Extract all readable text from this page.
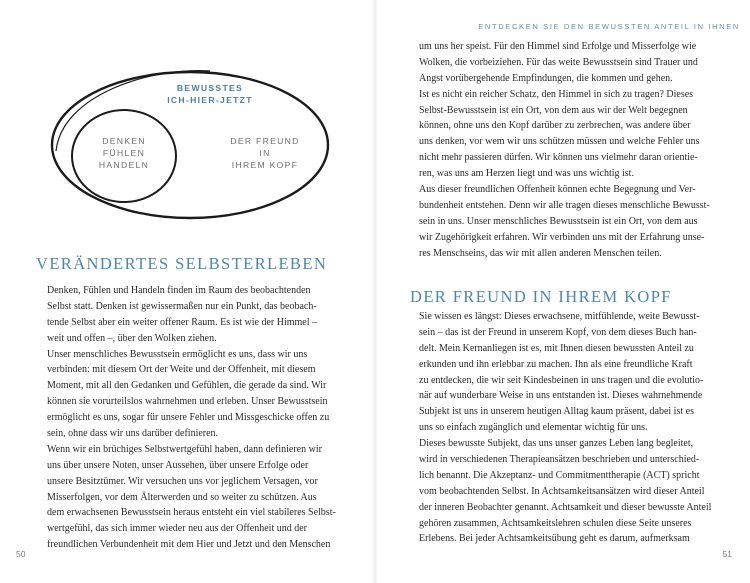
BEWUSSTES
ICH-HIER-JETZT
DENKEN
FÜHLEN
HANDELN
DER FREUND
IN
IHREM KOPF
VERÄNDERTES SELBSTERLEBEN
Denken, Fühlen und Handeln finden im Raum des beobachtenden
Selbst statt. Denken ist gewissermaßen nur ein Punkt, das beobach-
tende Selbst aber ein weiter offener Raum. Es ist wie der Himmel –
weit und offen –, über den Wolken ziehen.
Unser menschliches Bewusstsein ermöglicht es uns, dass wir uns
verbinden: mit diesem Ort der Weite und der Offenheit, mit diesem
Moment, mit all den Gedanken und Gefühlen, die gerade da sind. Wir
können sie vorurteilslos wahrnehmen und erleben. Unser Bewusstsein
ermöglicht es uns, sogar für unsere Fehler und Missgeschicke offen zu
sein, ohne dass wir uns darüber definieren.
Wenn wir ein brüchiges Selbstwertgefühl haben, dann definieren wir
uns über unsere Noten, unser Aussehen, über unsere Erfolge oder
unsere Besitztümer. Wir versuchen uns vor jeglichem Versagen, vor
Misserfolgen, vor dem Älterwerden und so weiter zu schützen. Aus
dem erwachsenen Bewusstsein heraus entsteht ein viel stabileres Selbst-
wertgefühl, das sich immer wieder neu aus der Offenheit und der
freundlichen Verbundenheit mit dem Hier und Jetzt und den Menschen
50
ENTDECKEN SIE DEN BEWUSSTEN ANTEIL IN IHNEN
um uns her speist. Für den Himmel sind Erfolge und Misserfolge wie
Wolken, die vorbeiziehen. Für das weite Bewusstsein sind Trauer und
Angst vorübergehende Empfindungen, die kommen und gehen.
Ist es nicht ein reicher Schatz, den Himmel in sich zu tragen? Dieses
Selbst-Bewusstsein ist ein Ort, von dem aus wir der Welt begegnen
können, ohne uns den Kopf darüber zu zerbrechen, was andere über
uns denken, vor wem wir uns schützen müssen und welche Fehler uns
nicht mehr passieren dürfen. Wir können uns vielmehr daran orientie-
ren, was uns am Herzen liegt und was uns wichtig ist.
Aus dieser freundlichen Offenheit können echte Begegnung und Ver-
bundenheit entstehen. Denn wir alle tragen dieses menschliche Bewusst-
sein in uns. Unser menschliches Bewusstsein ist ein Ort, von dem aus
wir Zugehörigkeit erfahren. Wir verbinden uns mit der Erfahrung unse-
res Menschseins, das wir mit allen anderen Menschen teilen.
DER FREUND IN IHREM KOPF
Sie wissen es längst: Dieses erwachsene, mitfühlende, weite Bewusst-
sein – das ist der Freund in unserem Kopf, von dem dieses Buch han-
delt. Mein Kernanliegen ist es, mit Ihnen diesen bewussten Anteil zu
erkunden und ihn erlebbar zu machen. Ihn als eine freundliche Kraft
zu entdecken, die wir seit Kindesbeinen in uns tragen und die evolutio-
när auf wunderbare Weise in uns entstanden ist. Dieses wahrnehmende
Subjekt ist uns in unserem heutigen Alltag kaum präsent, dabei ist es
uns so einfach zugänglich und elementar wichtig für uns.
Dieses bewusste Subjekt, das uns unser ganzes Leben lang begleitet,
wird in verschiedenen Therapieansätzen beschrieben und unterschied-
lich benannt. Die Akzeptanz- und Commitmenttherapie (ACT) spricht
vom beobachtenden Selbst. In Achtsamkeitsansätzen wird dieser Anteil
der inneren Beobachter genannt. Achtsamkeit und dieser bewusste Anteil
gehören zusammen, Achtsamkeitslehren schulen diese Seite unseres
Erlebens. Bei jeder Achtsamkeitsübung geht es darum, aufmerksam
51
